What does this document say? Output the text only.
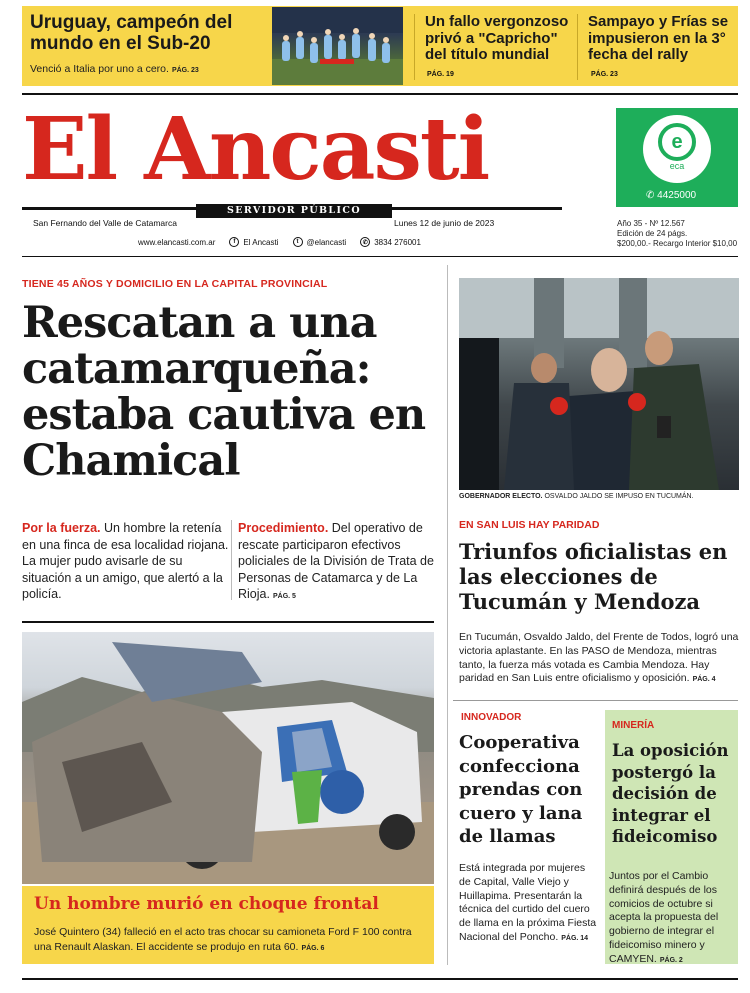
Uruguay, campeón del mundo en el Sub-20
Venció a Italia por uno a cero. PÁG. 23
Un fallo vergonzoso privó a "Capricho" del título mundial
PÁG. 19
Sampayo y Frías se impusieron en la 3° fecha del rally
PÁG. 23
El Ancasti
SERVIDOR PÚBLICO
San Fernando del Valle de Catamarca	Lunes 12 de junio de 2023
www.elancasti.com.ar	f	El Ancasti	t	@elancasti	✆ 3834 276001
e
eca
✆ 4425000
Año 35 - Nº 12.567
Edición de 24 págs.
$200,00.- Recargo Interior $10,00
TIENE 45 AÑOS Y DOMICILIO EN LA CAPITAL PROVINCIAL
Rescatan a una catamarqueña: estaba cautiva en Chamical
Por la fuerza. Un hombre la retenía en una finca de esa localidad riojana. La mujer pudo avisarle de su situación a un amigo, que alertó a la policía.
Procedimiento. Del operativo de rescate participaron efectivos policiales de la División de Trata de Personas de Catamarca y de La Rioja. PÁG. 5
Un hombre murió en choque frontal
José Quintero (34) falleció en el acto tras chocar su camioneta Ford F 100 contra una Renault Alaskan. El accidente se produjo en ruta 60. PÁG. 6
GOBERNADOR ELECTO. OSVALDO JALDO SE IMPUSO EN TUCUMÁN.
EN SAN LUIS HAY PARIDAD
Triunfos oficialistas en las elecciones de Tucumán y Mendoza
En Tucumán, Osvaldo Jaldo, del Frente de Todos, logró una victoria aplastante. En las PASO de Mendoza, mientras tanto, la fuerza más votada es Cambia Mendoza. Hay paridad en San Luis entre oficialismo y oposición. PÁG. 4
INNOVADOR
Cooperativa confecciona prendas con cuero y lana de llamas
Está integrada por mujeres de Capital, Valle Viejo y Huillapima. Presentarán la técnica del curtido del cuero de llama en la próxima Fiesta Nacional del Poncho. PÁG. 14
MINERÍA
La oposición postergó la decisión de integrar el fideicomiso
Juntos por el Cambio definirá después de los comicios de octubre si acepta la propuesta del gobierno de integrar el fideicomiso minero y CAMYEN. PÁG. 2
